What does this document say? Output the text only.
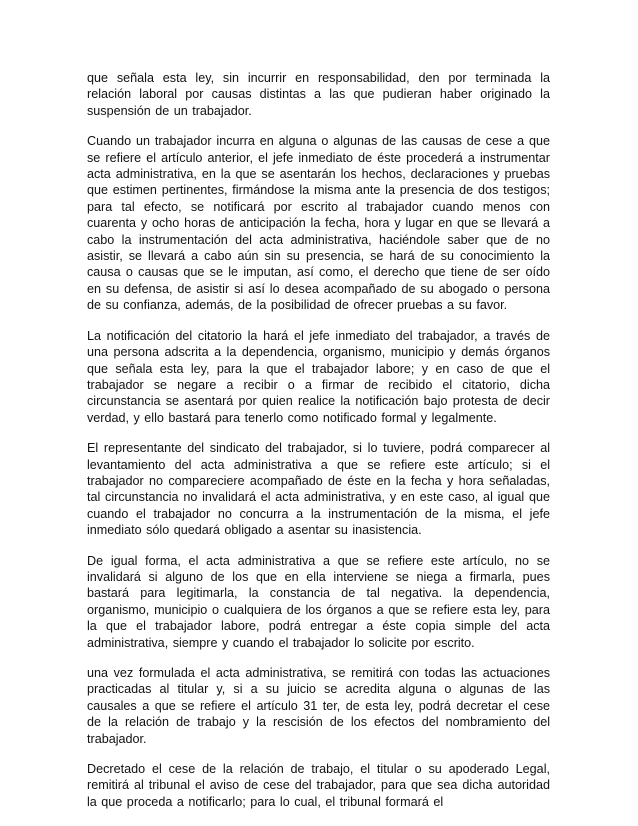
que señala esta ley, sin incurrir en responsabilidad, den por terminada la relación laboral por causas distintas a las que pudieran haber originado la suspensión de un trabajador.

Cuando un trabajador incurra en alguna o algunas de las causas de cese a que se refiere el artículo anterior, el jefe inmediato de éste procederá a instrumentar acta administrativa, en la que se asentarán los hechos, declaraciones y pruebas que estimen pertinentes, firmándose la misma ante la presencia de dos testigos; para tal efecto, se notificará por escrito al trabajador cuando menos con cuarenta y ocho horas de anticipación la fecha, hora y lugar en que se llevará a cabo la instrumentación del acta administrativa, haciéndole saber que de no asistir, se llevará a cabo aún sin su presencia, se hará de su conocimiento la causa o causas que se le imputan, así como, el derecho que tiene de ser oído en su defensa, de asistir si así lo desea acompañado de su abogado o persona de su confianza, además, de la posibilidad de ofrecer pruebas a su favor.

La notificación del citatorio la hará el jefe inmediato del trabajador, a través de una persona adscrita a la dependencia, organismo, municipio y demás órganos que señala esta ley, para la que el trabajador labore; y en caso de que el trabajador se negare a recibir o a firmar de recibido el citatorio, dicha circunstancia se asentará por quien realice la notificación bajo protesta de decir verdad, y ello bastará para tenerlo como notificado formal y legalmente.

El representante del sindicato del trabajador, si lo tuviere, podrá comparecer al levantamiento del acta administrativa a que se refiere este artículo; si el trabajador no compareciere acompañado de éste en la fecha y hora señaladas, tal circunstancia no invalidará el acta administrativa, y en este caso, al igual que cuando el trabajador no concurra a la instrumentación de la misma, el jefe inmediato sólo quedará obligado a asentar su inasistencia.

De igual forma, el acta administrativa a que se refiere este artículo, no se invalidará si alguno de los que en ella interviene se niega a firmarla, pues bastará para legitimarla, la constancia de tal negativa. la dependencia, organismo, municipio o cualquiera de los órganos a que se refiere esta ley, para la que el trabajador labore, podrá entregar a éste copia simple del acta administrativa, siempre y cuando el trabajador lo solicite por escrito.

una vez formulada el acta administrativa, se remitirá con todas las actuaciones practicadas al titular y, si a su juicio se acredita alguna o algunas de las causales a que se refiere el artículo 31 ter, de esta ley, podrá decretar el cese de la relación de trabajo y la rescisión de los efectos del nombramiento del trabajador.

Decretado el cese de la relación de trabajo, el titular o su apoderado Legal, remitirá al tribunal el aviso de cese del trabajador, para que sea dicha autoridad la que proceda a notificarlo; para lo cual, el tribunal formará el
